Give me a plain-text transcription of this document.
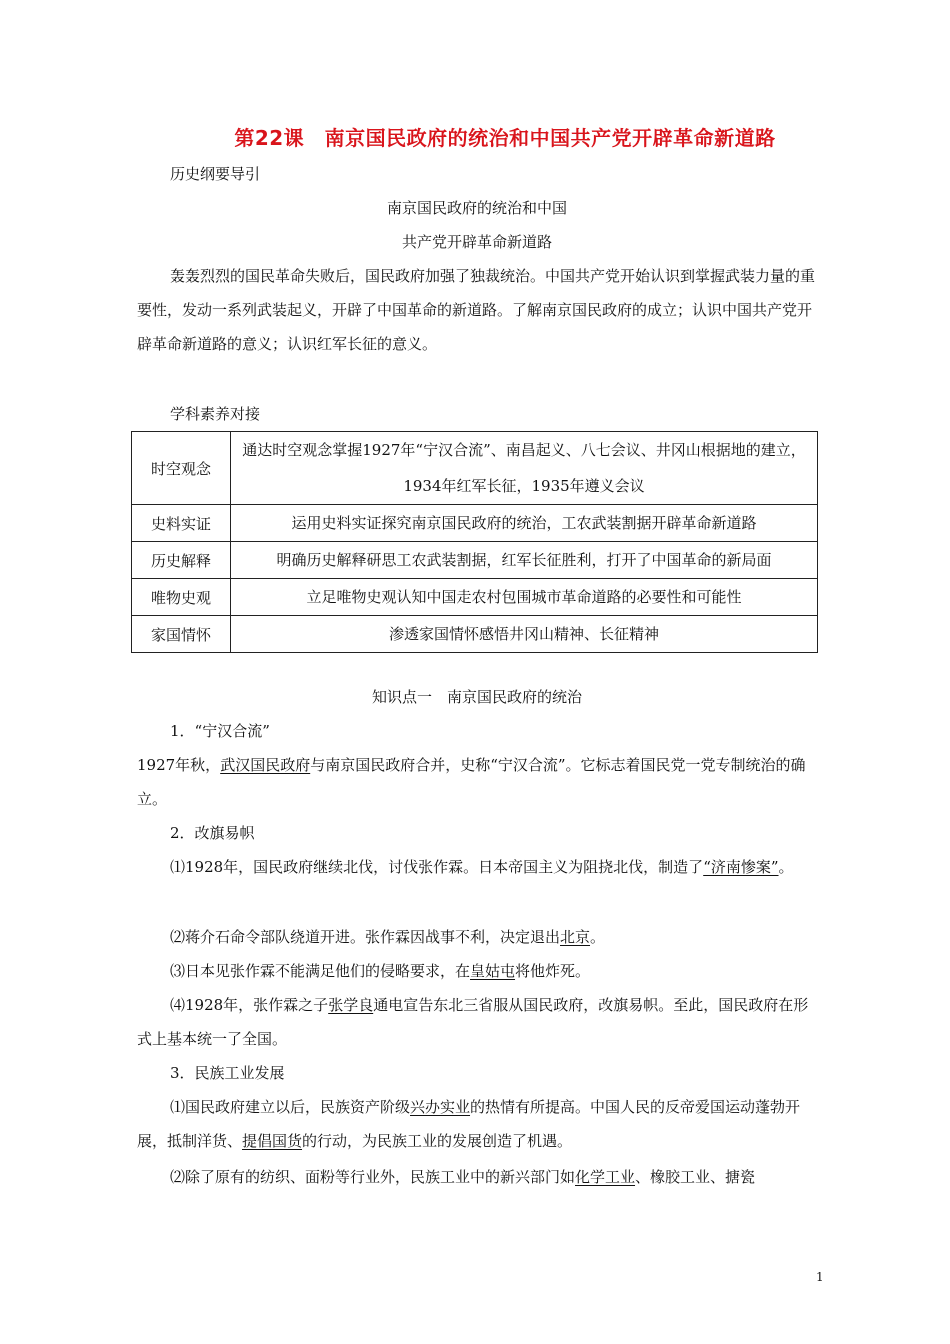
第22课　南京国民政府的统治和中国共产党开辟革命新道路
历史纲要导引
南京国民政府的统治和中国
共产党开辟革命新道路
轰轰烈烈的国民革命失败后，国民政府加强了独裁统治。中国共产党开始认识到掌握武装力量的重要性，发动一系列武装起义，开辟了中国革命的新道路。了解南京国民政府的成立；认识中国共产党开辟革命新道路的意义；认识红军长征的意义。
学科素养对接
时空观念	通达时空观念掌握1927年“宁汉合流”、南昌起义、八七会议、井冈山根据地的建立，1934年红军长征，1935年遵义会议
史料实证	运用史料实证探究南京国民政府的统治，工农武装割据开辟革命新道路
历史解释	明确历史解释研思工农武装割据，红军长征胜利，打开了中国革命的新局面
唯物史观	立足唯物史观认知中国走农村包围城市革命道路的必要性和可能性
家国情怀	渗透家国情怀感悟井冈山精神、长征精神
知识点一　南京国民政府的统治
1．“宁汉合流”
1927年秋，武汉国民政府与南京国民政府合并，史称“宁汉合流”。它标志着国民党一党专制统治的确立。
2．改旗易帜
⑴1928年，国民政府继续北伐，讨伐张作霖。日本帝国主义为阻挠北伐，制造了“济南惨案”。
⑵蒋介石命令部队绕道开进。张作霖因战事不利，决定退出北京。
⑶日本见张作霖不能满足他们的侵略要求，在皇姑屯将他炸死。
⑷1928年，张作霖之子张学良通电宣告东北三省服从国民政府，改旗易帜。至此，国民政府在形式上基本统一了全国。
3．民族工业发展
⑴国民政府建立以后，民族资产阶级兴办实业的热情有所提高。中国人民的反帝爱国运动蓬勃开展，抵制洋货、提倡国货的行动，为民族工业的发展创造了机遇。
⑵除了原有的纺织、面粉等行业外，民族工业中的新兴部门如化学工业、橡胶工业、搪瓷
1
